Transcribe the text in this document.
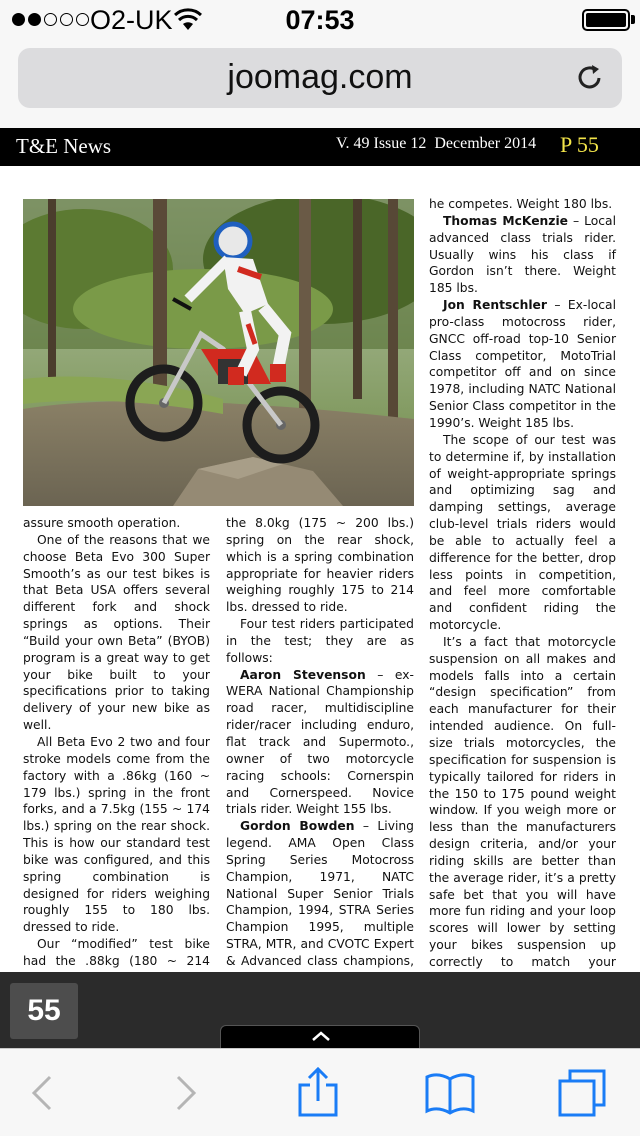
O2-UK	07:53
joomag.com
T&E News	V. 49 Issue 12  December 2014 P 55

assure smooth operation.

One of the reasons that we choose Beta Evo 300 Super Smooth’s as our test bikes is that Beta USA offers several different fork and shock springs as options. Their “Build your own Beta” (BYOB) program is a great way to get your bike built to your specifications prior to taking delivery of your new bike as well.

All Beta Evo 2 two and four stroke models come from the factory with a .86kg (160 ~ 179 lbs.) spring in the front forks, and a 7.5kg (155 ~ 174 lbs.) spring on the rear shock. This is how our standard test bike was configured, and this spring combination is designed for riders weighing roughly 155 to 180 lbs. dressed to ride.

Our “modified” test bike had the .88kg (180 ~ 214

the 8.0kg (175 ~ 200 lbs.) spring on the rear shock, which is a spring combination appropriate for heavier riders weighing roughly 175 to 214 lbs. dressed to ride.

Four test riders participated in the test; they are as follows:

Aaron Stevenson – ex-WERA National Championship road racer, multidiscipline rider/racer including enduro, flat track and Supermoto., owner of two motorcycle racing schools: Cornerspin and Cornerspeed. Novice trials rider. Weight 155 lbs.

Gordon Bowden – Living legend. AMA Open Class Spring Series Motocross Champion, 1971, NATC National Super Senior Trials Champion, 1994, STRA Series Champion 1995, multiple STRA, MTR, and CVOTC Expert & Advanced class champions,

he competes. Weight 180 lbs.

Thomas McKenzie – Local advanced class trials rider. Usually wins his class if Gordon isn’t there. Weight 185 lbs.

Jon Rentschler – Ex-local pro-class motocross rider, GNCC off-road top-10 Senior Class competitor, MotoTrial competitor off and on since 1978, including NATC National Senior Class competitor in the 1990’s. Weight 185 lbs.

The scope of our test was to determine if, by installation of weight-appropriate springs and optimizing sag and damping settings, average club-level trials riders would be able to actually feel a difference for the better, drop less points in competition, and feel more comfortable and confident riding the motorcycle.

It’s a fact that motorcycle suspension on all makes and models falls into a certain “design specification” from each manufacturer for their intended audience. On full-size trials motorcycles, the specification for suspension is typically tailored for riders in the 150 to 175 pound weight window. If you weigh more or less than the manufacturers design criteria, and/or your riding skills are better than the average rider, it’s a pretty safe bet that you will have more fun riding and your loop scores will lower by setting your bikes suspension up correctly to match your

55
